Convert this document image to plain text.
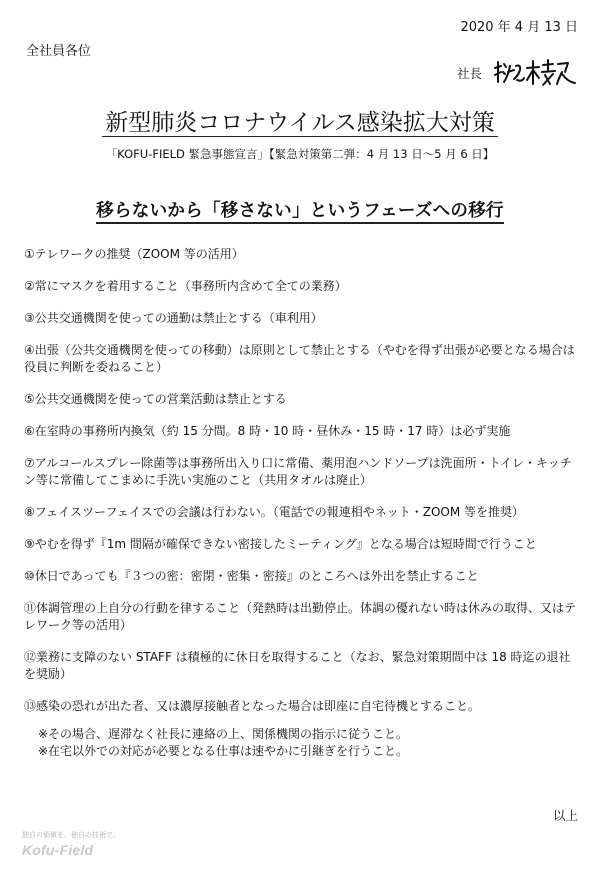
2020 年 4 月 13 日
全社員各位
社長
新型肺炎コロナウイルス感染拡大対策
「KOFU-FIELD 緊急事態宣言」【緊急対策第二弾：4 月 13 日～5 月 6 日】
移らないから「移さない」というフェーズへの移行
①テレワークの推奨（ZOOM 等の活用）
②常にマスクを着用すること（事務所内含めて全ての業務）
③公共交通機関を使っての通勤は禁止とする（車利用）
④出張（公共交通機関を使っての移動）は原則として禁止とする（やむを得ず出張が必要となる場合は役員に判断を委ねること）
⑤公共交通機関を使っての営業活動は禁止とする
⑥在室時の事務所内換気（約 15 分間。8 時・10 時・昼休み・15 時・17 時）は必ず実施
⑦アルコールスプレー除菌等は事務所出入り口に常備、薬用泡ハンドソープは洗面所・トイレ・キッチン等に常備してこまめに手洗い実施のこと（共用タオルは廃止）
⑧フェイスツーフェイスでの会議は行わない。（電話での報連相やネット・ZOOM 等を推奨）
⑨やむを得ず『1m 間隔が確保できない密接したミーティング』となる場合は短時間で行うこと
⑩休日であっても『３つの密：密閉・密集・密接』のところへは外出を禁止すること
⑪体調管理の上自分の行動を律すること（発熱時は出勤停止。体調の優れない時は休みの取得、又はテレワーク等の活用）
⑫業務に支障のない STAFF は積極的に休日を取得すること（なお、緊急対策期間中は 18 時迄の退社を奨励）
⑬感染の恐れが出た者、又は濃厚接触者となった場合は即座に自宅待機とすること。
※その場合、遅滞なく社長に連絡の上、関係機関の指示に従うこと。
※在宅以外での対応が必要となる仕事は速やかに引継ぎを行うこと。
以上
独自の価値を、独自の技術で。
Kofu-Field
